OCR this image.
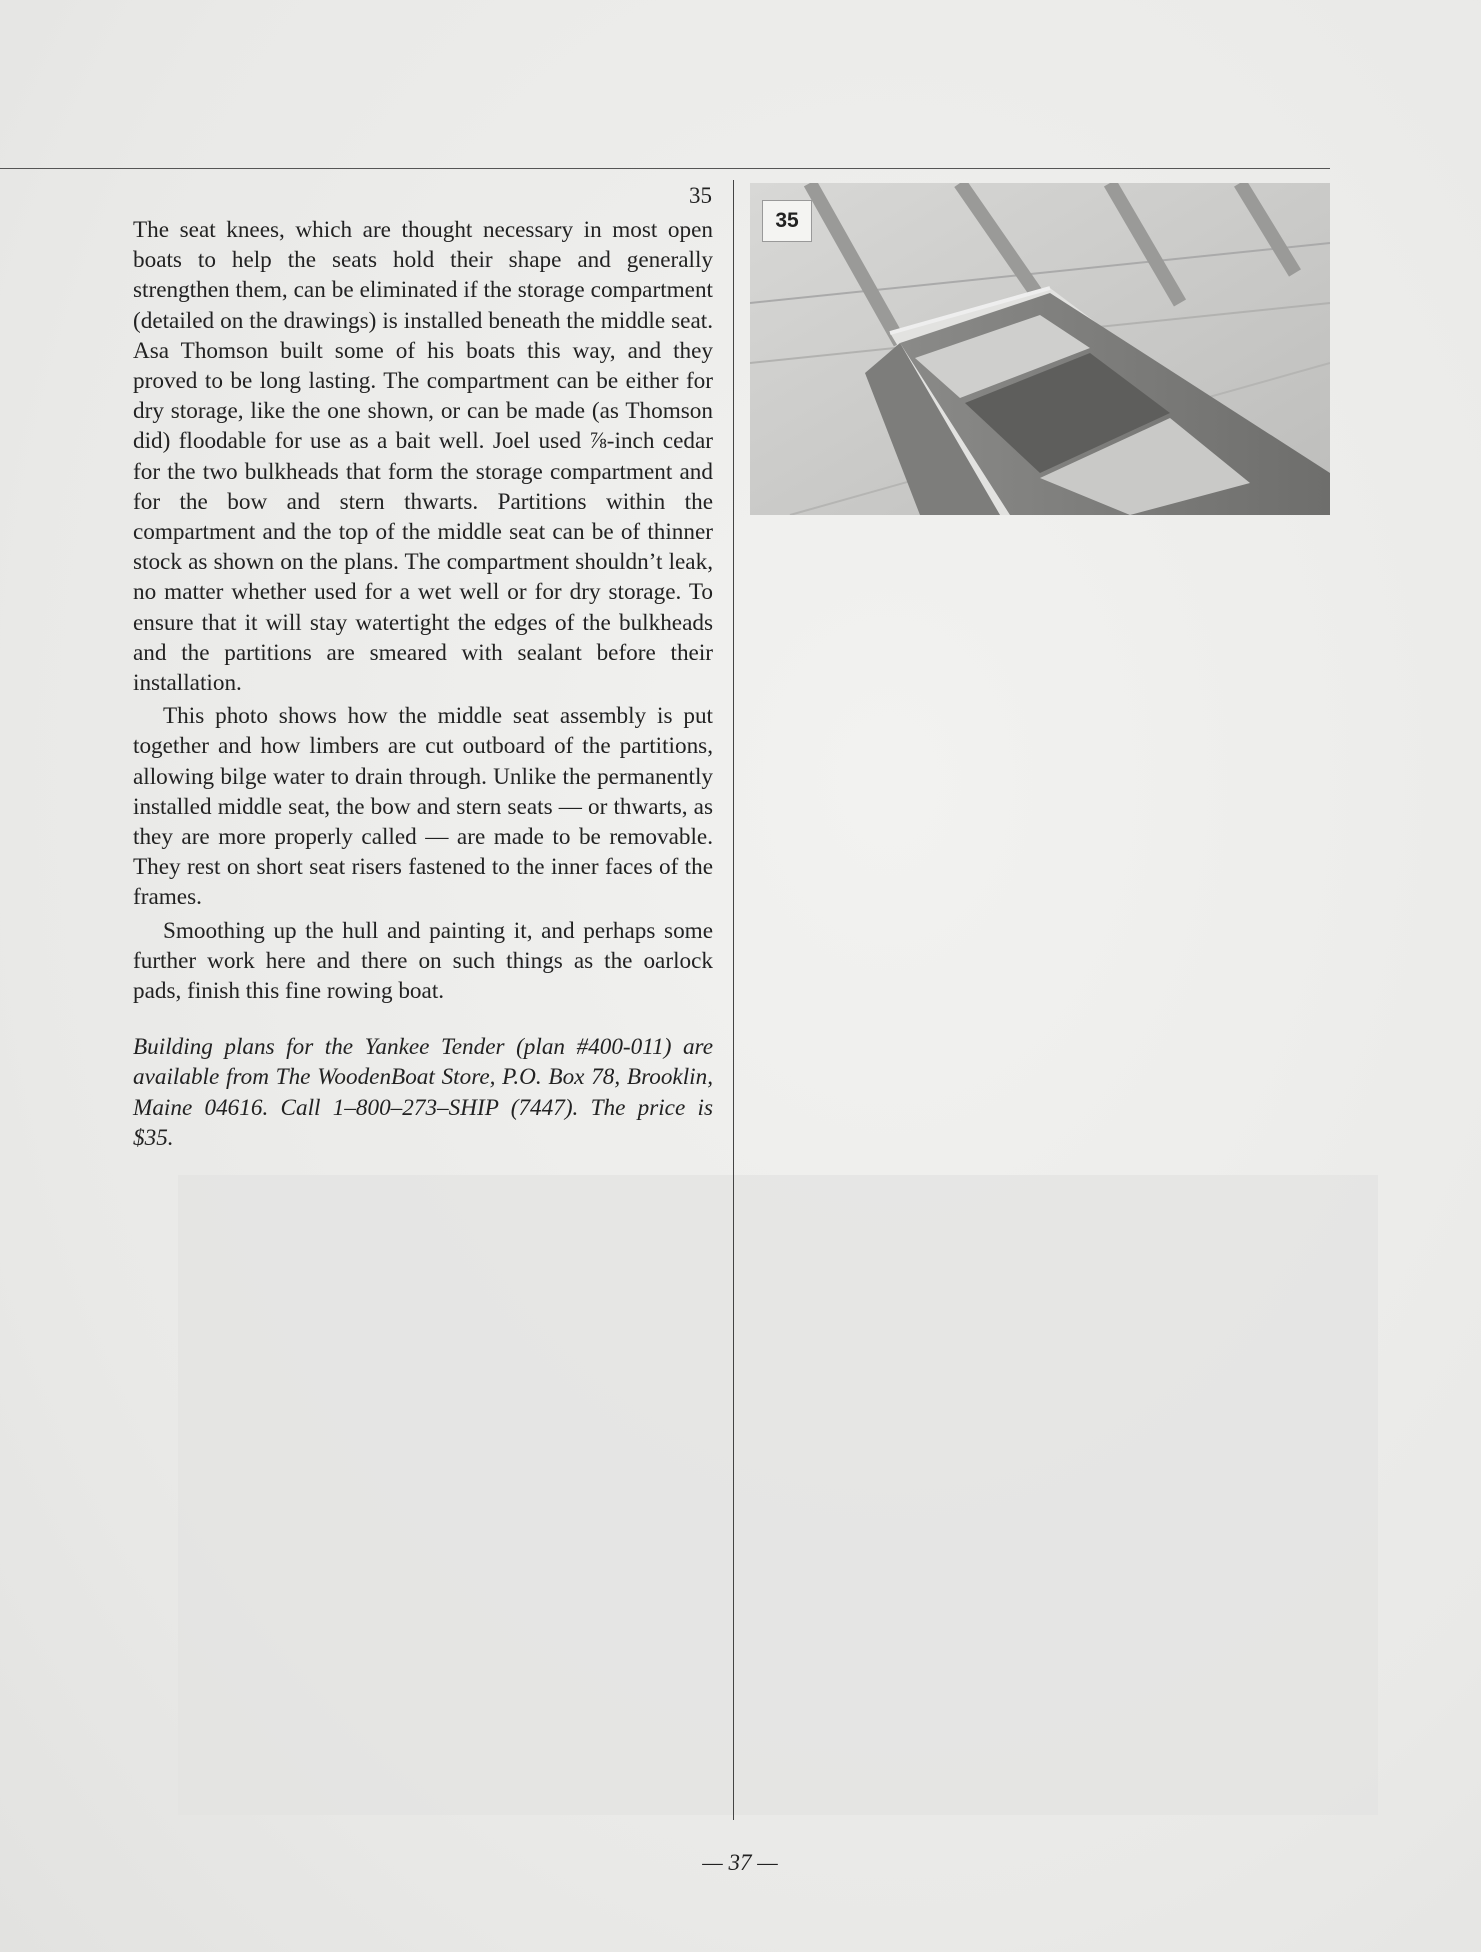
35

The seat knees, which are thought necessary in most open boats to help the seats hold their shape and generally strengthen them, can be eliminated if the storage compartment (detailed on the drawings) is installed beneath the middle seat. Asa Thomson built some of his boats this way, and they proved to be long lasting. The compartment can be either for dry storage, like the one shown, or can be made (as Thomson did) floodable for use as a bait well. Joel used ⅞-inch cedar for the two bulkheads that form the storage compartment and for the bow and stern thwarts. Partitions within the compartment and the top of the middle seat can be of thinner stock as shown on the plans. The compartment shouldn’t leak, no matter whether used for a wet well or for dry storage. To ensure that it will stay watertight the edges of the bulkheads and the partitions are smeared with sealant before their installation.

This photo shows how the middle seat assembly is put together and how limbers are cut outboard of the partitions, allowing bilge water to drain through. Unlike the permanently installed middle seat, the bow and stern seats — or thwarts, as they are more properly called — are made to be removable. They rest on short seat risers fastened to the inner faces of the frames.

Smoothing up the hull and painting it, and perhaps some further work here and there on such things as the oarlock pads, finish this fine rowing boat.

Building plans for the Yankee Tender (plan #400-011) are available from The WoodenBoat Store, P.O. Box 78, Brooklin, Maine 04616. Call 1–800–273–SHIP (7447). The price is $35.

35
— 37 —
